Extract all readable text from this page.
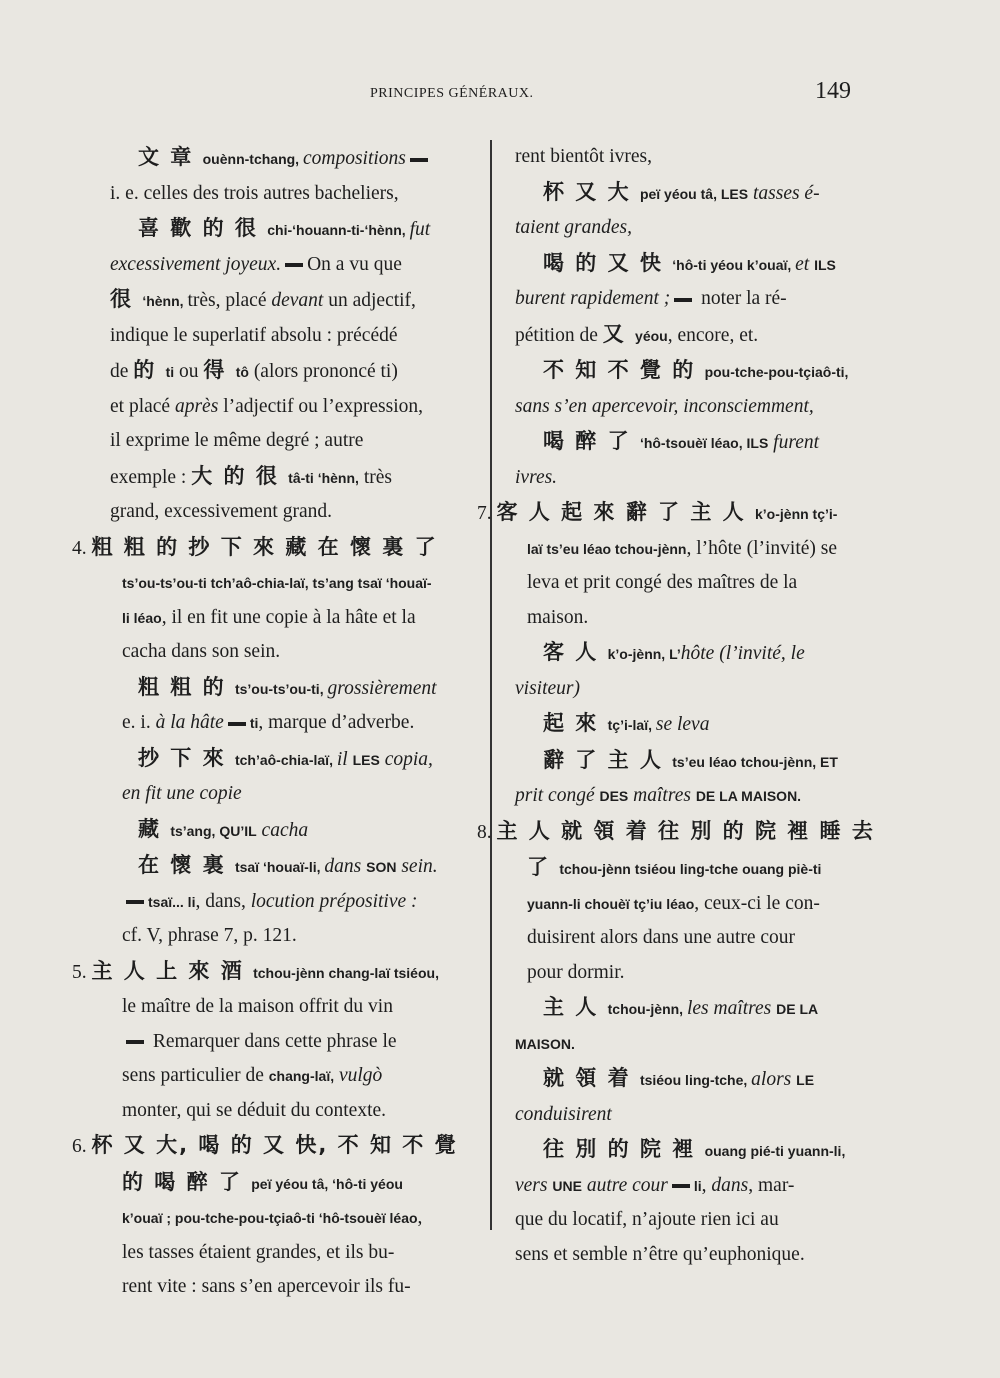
PRINCIPES GÉNÉRAUX.	149
文 章 ouènn-tchang, compositions
i. e. celles des trois autres bacheliers,
喜 歡 的 很 chi-‘houann-ti-‘hènn, fut
excessivement joyeux. On a vu que
很 ‘hènn, très, placé devant un adjectif,
indique le superlatif absolu : précédé
de 的 ti ou 得 tô (alors prononcé ti)
et placé après l’adjectif ou l’expression,
il exprime le même degré ; autre
exemple : 大 的 很 tâ-ti ‘hènn, très
grand, excessivement grand.
4. 粗 粗 的 抄 下 來 藏 在 懷 裏 了
ts’ou-ts’ou-ti tch’aô-chia-laï, ts’ang tsaï ‘houaï-
li léao, il en fit une copie à la hâte et la
cacha dans son sein.
粗 粗 的 ts’ou-ts’ou-ti, grossièrement
e. i. à la hâte ti, marque d’adverbe.
抄 下 來 tch’aô-chia-laï, il LES copia,
en fit une copie
藏 ts’ang, QU’IL cacha
在 懷 裏 tsaï ‘houaï-li, dans SON sein.
tsaï... li, dans, locution prépositive :
cf. V, phrase 7, p. 121.
5. 主 人 上 來 酒 tchou-jènn chang-laï tsiéou,
le maître de la maison offrit du vin
Remarquer dans cette phrase le
sens particulier de chang-laï, vulgò
monter, qui se déduit du contexte.
6. 杯 又 大, 喝 的 又 快, 不 知 不 覺
的 喝 醉 了 peï yéou tâ, ‘hô-ti yéou
k’ouaï ; pou-tche-pou-tçiaô-ti ‘hô-tsouèï léao,
les tasses étaient grandes, et ils bu-
rent vite : sans s’en apercevoir ils fu-
rent bientôt ivres,
杯 又 大 peï yéou tâ, LES tasses é-
taient grandes,
喝 的 又 快 ‘hô-ti yéou k’ouaï, et ILS
burent rapidement ; noter la ré-
pétition de 又 yéou, encore, et.
不 知 不 覺 的 pou-tche-pou-tçiaô-ti,
sans s’en apercevoir, inconsciemment,
喝 醉 了 ‘hô-tsouèï léao, ILS furent
ivres.
7. 客 人 起 來 辭 了 主 人 k’o-jènn tç’i-
laï ts’eu léao tchou-jènn, l’hôte (l’invité) se
leva et prit congé des maîtres de la
maison.
客 人 k’o-jènn, L’hôte (l’invité, le
visiteur)
起 來 tç’i-laï, se leva
辭 了 主 人 ts’eu léao tchou-jènn, ET
prit congé DES maîtres DE LA MAISON.
8. 主 人 就 領 着 往 別 的 院 裡 睡 去
了 tchou-jènn tsiéou ling-tche ouang piè-ti
yuann-li chouèï tç’iu léao, ceux-ci le con-
duisirent alors dans une autre cour
pour dormir.
主 人 tchou-jènn, les maîtres DE LA
MAISON.
就 領 着 tsiéou ling-tche, alors LE
conduisirent
往 別 的 院 裡 ouang pié-ti yuann-li,
vers UNE autre cour li, dans, mar-
que du locatif, n’ajoute rien ici au
sens et semble n’être qu’euphonique.
